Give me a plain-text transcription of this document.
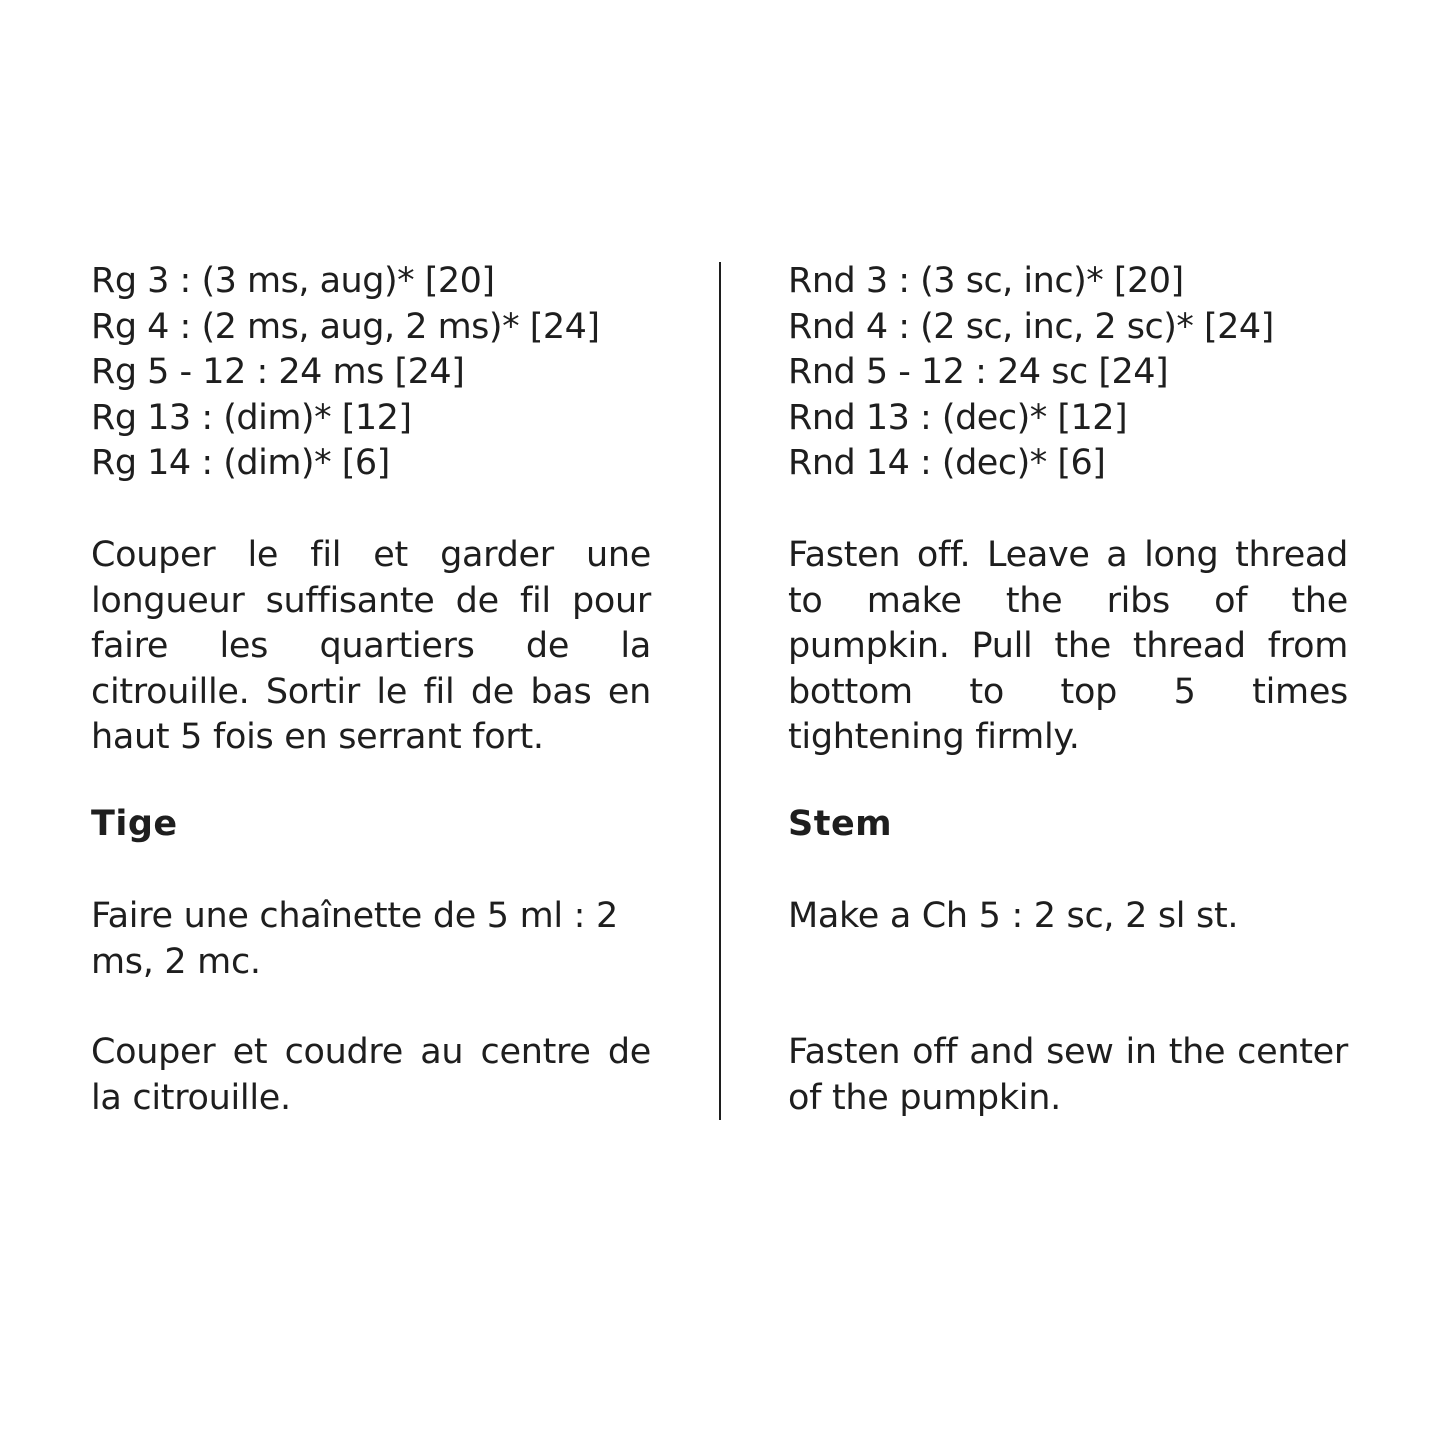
Rg 3 : (3 ms, aug)* [20]
Rg 4 : (2 ms, aug, 2 ms)* [24]
Rg 5 - 12 : 24 ms [24]
Rg 13 : (dim)* [12]
Rg 14 : (dim)* [6]

Couper le fil et garder une longueur suffisante de fil pour faire les quartiers de la citrouille. Sortir le fil de bas en haut 5 fois en serrant fort.

Tige

Faire une chaînette de 5 ml : 2 ms, 2 mc.

Couper et coudre au centre de la citrouille.

Rnd 3 : (3 sc, inc)* [20]
Rnd 4 : (2 sc, inc, 2 sc)* [24]
Rnd 5 - 12 : 24 sc [24]
Rnd 13 : (dec)* [12]
Rnd 14 : (dec)* [6]

Fasten off. Leave a long thread to make the ribs of the pumpkin. Pull the thread from bottom to top 5 times tightening firmly.

Stem

Make a Ch 5 : 2 sc, 2 sl st.

Fasten off and sew in the center of the pumpkin.
